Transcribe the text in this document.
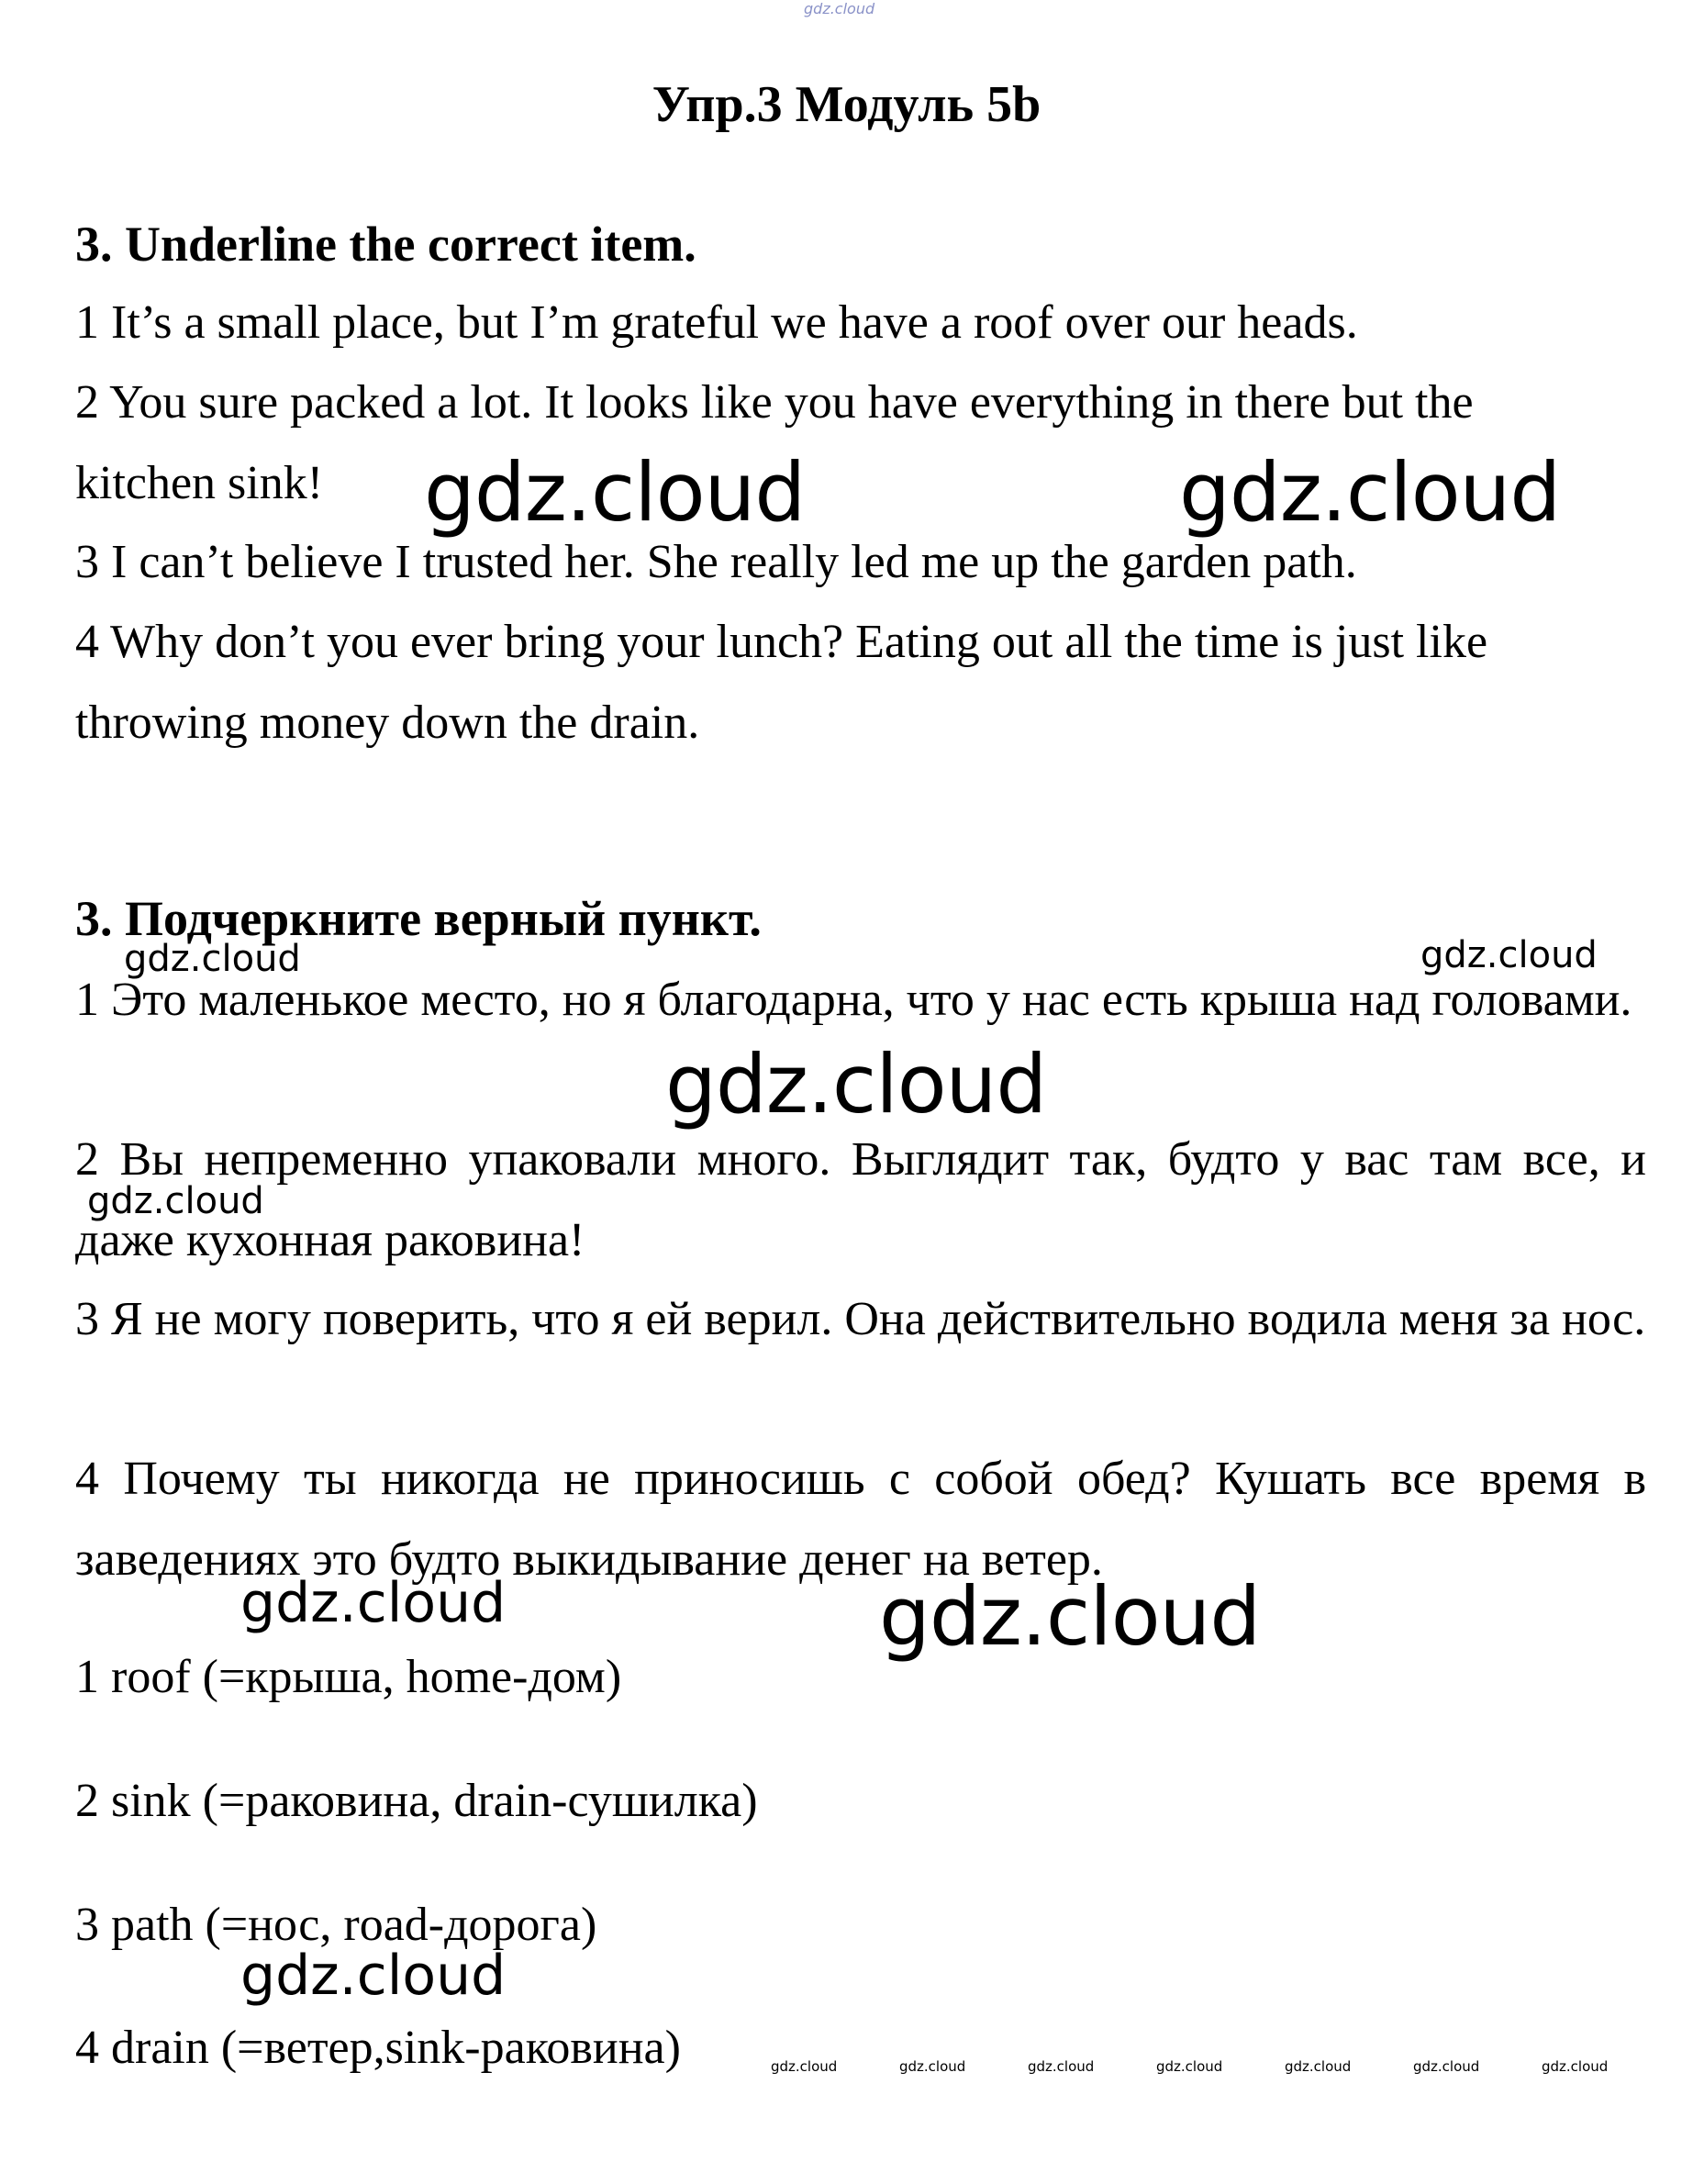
gdz.cloud
Упр.3 Модуль 5b
3. Underline the correct item.

1 It’s a small place, but I’m grateful we have a roof over our heads.

2 You sure packed a lot. It looks like you have everything in there but the kitchen sink!

3 I can’t believe I trusted her. She really led me up the garden path.

4 Why don’t you ever bring your lunch? Eating out all the time is just like throwing money down the drain.

3. Подчеркните верный пункт.

1 Это маленькое место, но я благодарна, что у нас есть крыша над головами.

2 Вы непременно упаковали много. Выглядит так, будто у вас там все, и даже кухонная раковина!

3 Я не могу поверить, что я ей верил. Она действительно водила меня за нос.

4 Почему ты никогда не приносишь с собой обед? Кушать все время в заведениях это будто выкидывание денег на ветер.

1 roof (=крыша, home-дом)
2 sink (=раковина, drain-сушилка)
3 path (=нос, road-дорога)
4 drain (=ветер,sink-раковина)
gdz.cloud	gdz.cloud
gdz.cloud	gdz.cloud
gdz.cloud
gdz.cloud
gdz.cloud	gdz.cloud
gdz.cloud
gdz.cloud	gdz.cloud	gdz.cloud	gdz.cloud	gdz.cloud	gdz.cloud	gdz.cloud
